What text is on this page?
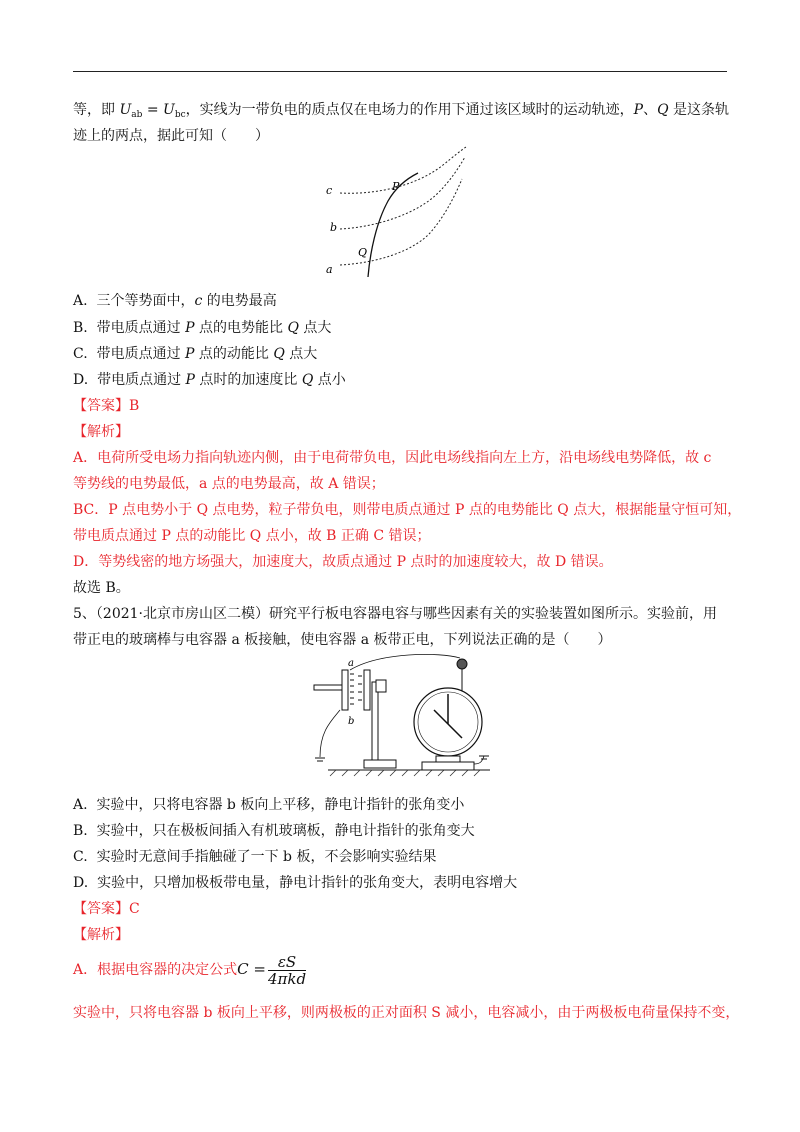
等，即 $U_{ab} = U_{bc}$，实线为一带负电的质点仅在电场力的作用下通过该区域时的运动轨迹，P、Q 是这条轨
迹上的两点，据此可知（　　）
c
b
a
P
Q
A. 三个等势面中，c 的电势最高
B. 带电质点通过 P 点的电势能比 Q 点大
C. 带电质点通过 P 点的动能比 Q 点大
D. 带电质点通过 P 点时的加速度比 Q 点小
【答案】B
【解析】
A．电荷所受电场力指向轨迹内侧，由于电荷带负电，因此电场线指向左上方，沿电场线电势降低，故 c
等势线的电势最低，a 点的电势最高，故 A 错误；
BC．P 点电势小于 Q 点电势，粒子带负电，则带电质点通过 P 点的电势能比 Q 点大，根据能量守恒可知，
带电质点通过 P 点的动能比 Q 点小，故 B 正确 C 错误；
D．等势线密的地方场强大，加速度大，故质点通过 P 点时的加速度较大，故 D 错误。
故选 B。
5、（2021·北京市房山区二模）研究平行板电容器电容与哪些因素有关的实验装置如图所示。实验前，用
带正电的玻璃棒与电容器 a 板接触，使电容器 a 板带正电，下列说法正确的是（　　）
a
b
A. 实验中，只将电容器 b 板向上平移，静电计指针的张角变小
B. 实验中，只在极板间插入有机玻璃板，静电计指针的张角变大
C. 实验时无意间手指触碰了一下 b 板，不会影响实验结果
D. 实验中，只增加极板带电量，静电计指针的张角变大，表明电容增大
【答案】C
【解析】
A．根据电容器的决定公式$C = \frac{\varepsilon S}{\text{4πkd}}$
实验中，只将电容器 b 板向上平移，则两极板的正对面积 S 减小，电容减小，由于两极板电荷量保持不变，
